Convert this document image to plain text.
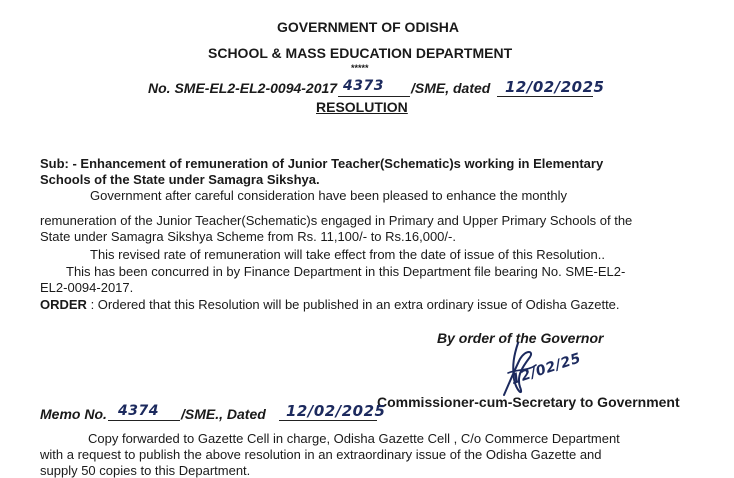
GOVERNMENT OF ODISHA
SCHOOL & MASS EDUCATION DEPARTMENT
*****
No. SME-EL2-EL2-0094-2017 4373 /SME, dated 12/02/2025
RESOLUTION
Sub: - Enhancement of remuneration of Junior Teacher(Schematic)s working in Elementary
Schools of the State under Samagra Sikshya.
Government after careful consideration have been pleased to enhance the monthly
remuneration of the Junior Teacher(Schematic)s engaged in Primary and Upper Primary Schools of the
State under Samagra Sikshya Scheme from Rs. 11,100/- to Rs.16,000/-.
This revised rate of remuneration will take effect from the date of issue of this Resolution..
This has been concurred in by Finance Department in this Department file bearing No. SME-EL2-
EL2-0094-2017.
ORDER : Ordered that this Resolution will be published in an extra ordinary issue of Odisha Gazette.
By order of the Governor
12/02/25
Commissioner-cum-Secretary to Government
Memo No. 4374 /SME., Dated 12/02/2025
Copy forwarded to Gazette Cell in charge, Odisha Gazette Cell , C/o Commerce Department
with a request to publish the above resolution in an extraordinary issue of the Odisha Gazette and
supply 50 copies to this Department.
